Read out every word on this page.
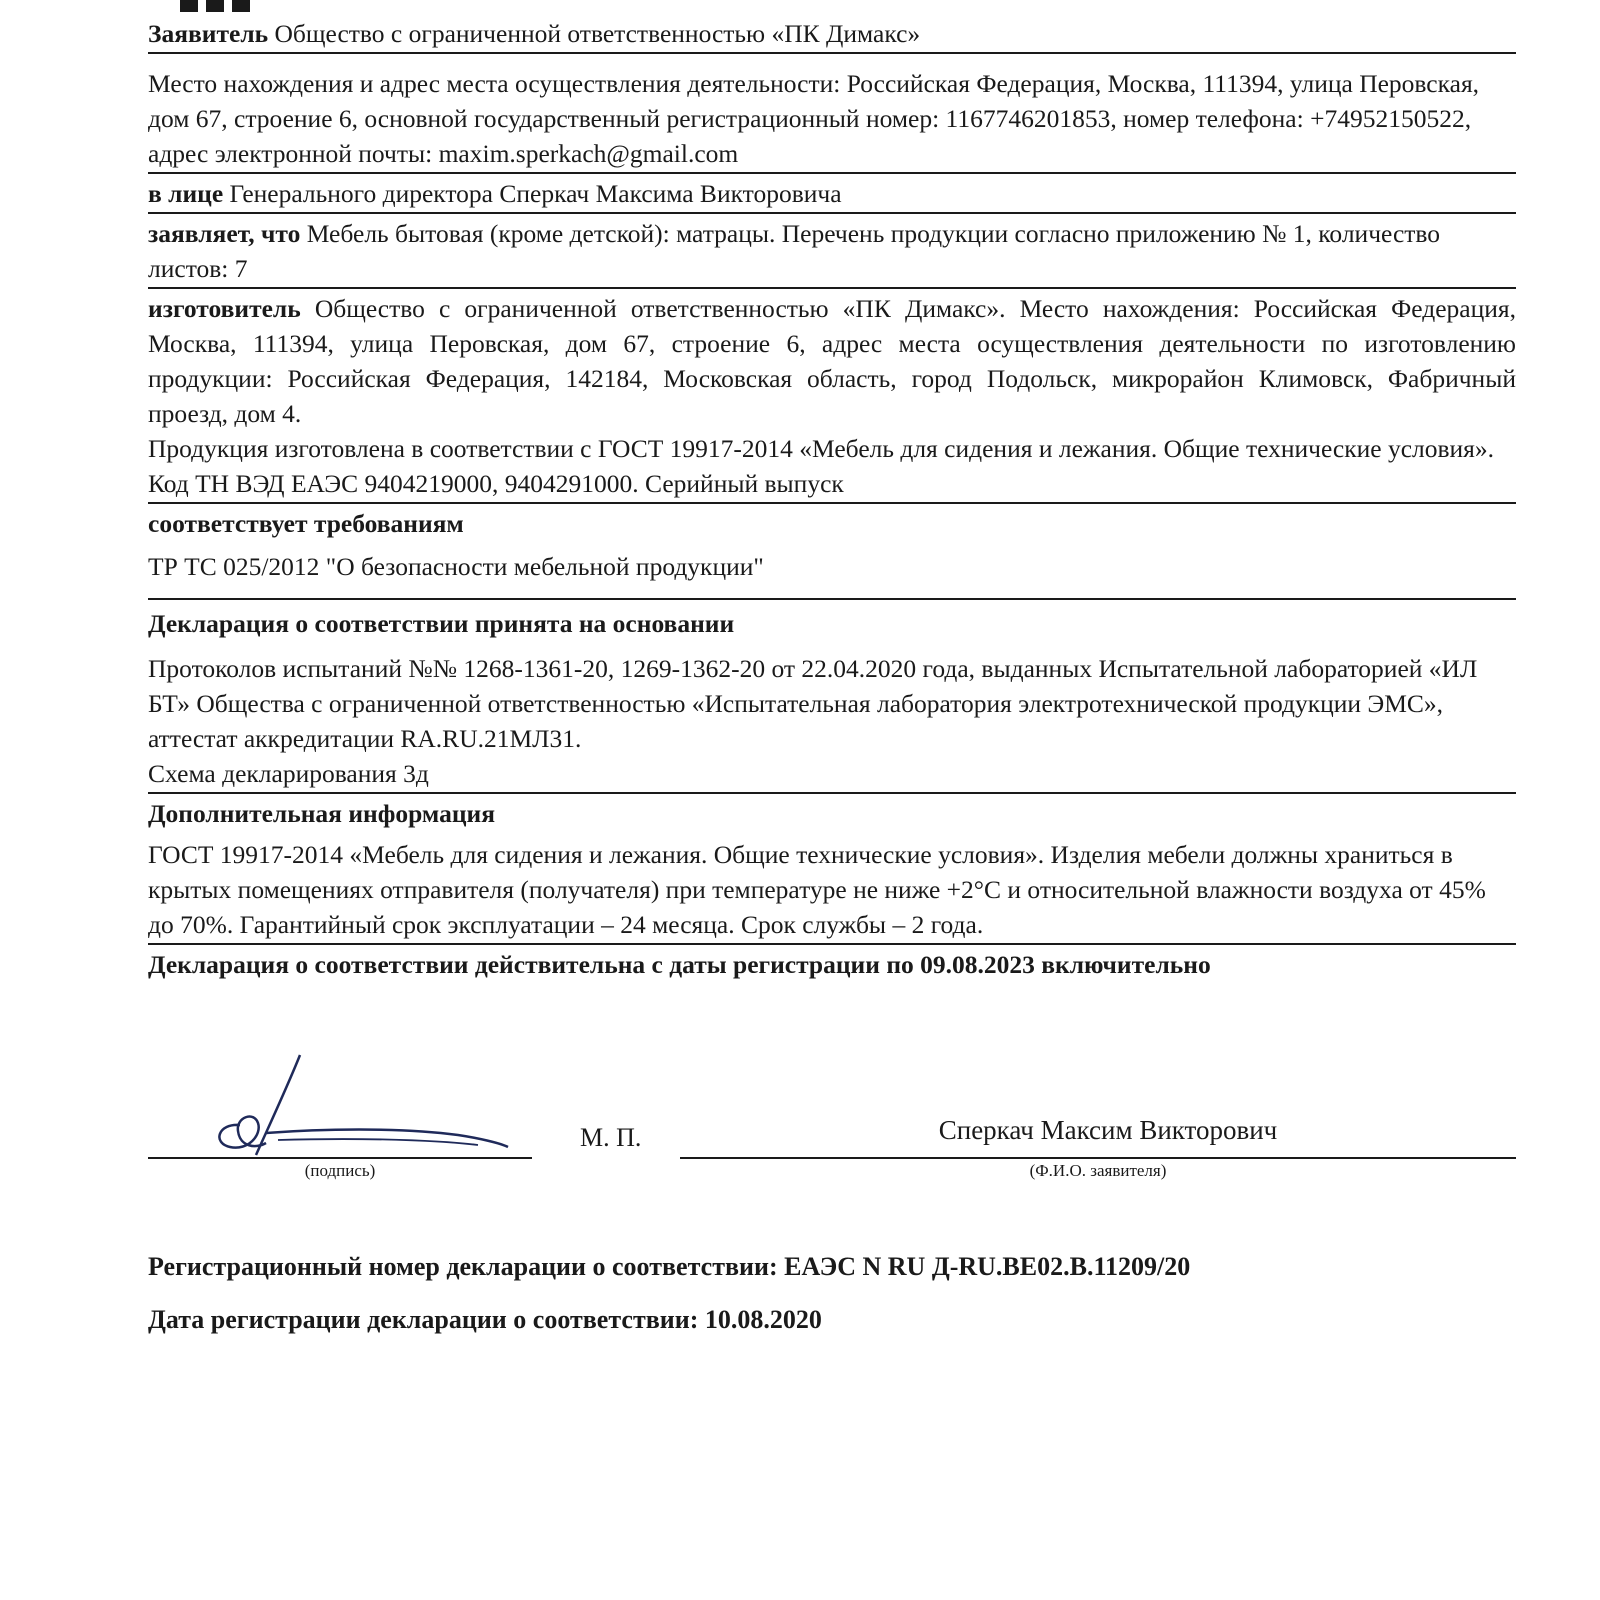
Заявитель Общество с ограниченной ответственностью «ПК Димакс»
Место нахождения и адрес места осуществления деятельности: Российская Федерация, Москва, 111394, улица Перовская, дом 67, строение 6, основной государственный регистрационный номер: 1167746201853, номер телефона: +74952150522, адрес электронной почты: maxim.sperkach@gmail.com
в лице Генерального директора Сперкач Максима Викторовича
заявляет, что Мебель бытовая (кроме детской): матрацы. Перечень продукции согласно приложению № 1, количество листов: 7

изготовитель Общество с ограниченной ответственностью «ПК Димакс». Место нахождения: Российская Федерация, Москва, 111394, улица Перовская, дом 67, строение 6, адрес места осуществления деятельности по изготовлению продукции: Российская Федерация, 142184, Московская область, город Подольск, микрорайон Климовск, Фабричный проезд, дом 4.

Продукция изготовлена в соответствии с ГОСТ 19917-2014 «Мебель для сидения и лежания. Общие технические условия».

Код ТН ВЭД ЕАЭС 9404219000, 9404291000. Серийный выпуск

соответствует требованиям

ТР ТС 025/2012 "О безопасности мебельной продукции"

Декларация о соответствии принята на основании

Протоколов испытаний №№ 1268-1361-20, 1269-1362-20 от 22.04.2020 года, выданных Испытательной лабораторией «ИЛ БТ» Общества с ограниченной ответственностью «Испытательная лаборатория электротехнической продукции ЭМС», аттестат аккредитации RA.RU.21МЛ31.

Схема декларирования 3д

Дополнительная информация

ГОСТ 19917-2014 «Мебель для сидения и лежания. Общие технические условия». Изделия мебели должны храниться в крытых помещениях отправителя (получателя) при температуре не ниже +2°С и относительной влажности воздуха от 45% до 70%. Гарантийный срок эксплуатации – 24 месяца. Срок службы – 2 года.

Декларация о соответствии действительна с даты регистрации по 09.08.2023 включительно

(подпись)
М. П.	Сперкач Максим Викторович
(Ф.И.О. заявителя)
Регистрационный номер декларации о соответствии: ЕАЭС N RU Д-RU.BE02.B.11209/20
Дата регистрации декларации о соответствии: 10.08.2020
